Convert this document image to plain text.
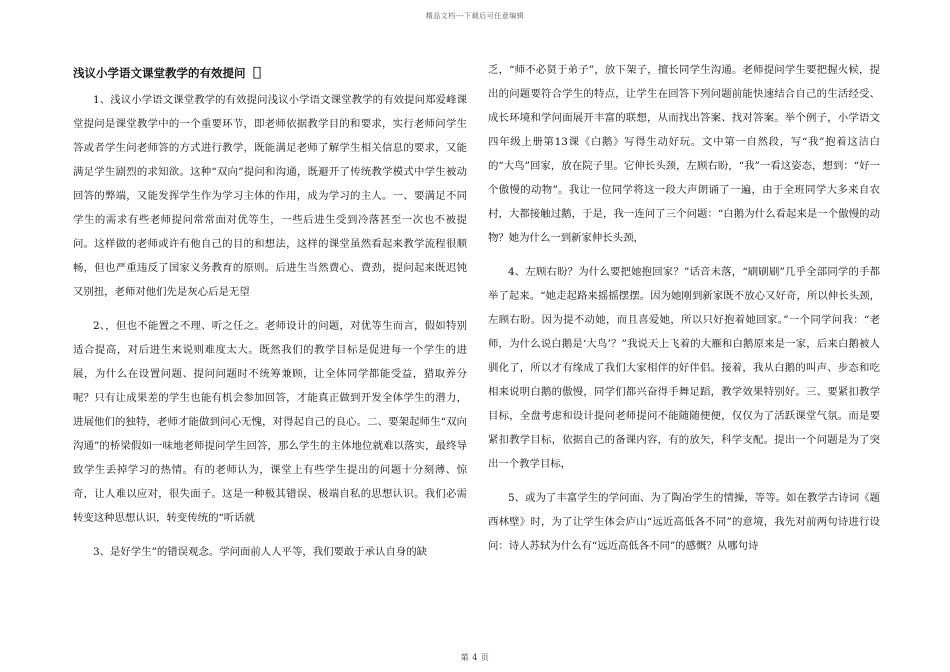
精品文档---下载后可任意编辑

浅议小学语文课堂教学的有效提问［］

1、浅议小学语文课堂教学的有效提问浅议小学语文课堂教学的有效提问郑爱峰课堂提问是课堂教学中的一个重要环节，即老师依据教学目的和要求，实行老师问学生答或者学生问老师答的方式进行教学，既能满足老师了解学生相关信息的要求，又能满足学生剧烈的求知欲。这种“双向”提问和沟通，既避开了传统教学模式中学生被动回答的弊端，又能发挥学生作为学习主体的作用，成为学习的主人。一、要满足不同学生的需求有些老师提问常常面对优等生，一些后进生受到冷落甚至一次也不被提问。这样做的老师或许有他自己的目的和想法，这样的课堂虽然看起来教学流程很顺畅，但也严重违反了国家义务教育的原则。后进生当然费心、费劲，提问起来既迟钝又别扭，老师对他们先是灰心后是无望

2、，但也不能置之不理、听之任之。老师设计的问题，对优等生而言，假如特别适合提高，对后进生来说则难度太大。既然我们的教学目标是促进每一个学生的进展，为什么在设置问题、提问问题时不统筹兼顾，让全体同学都能受益，猎取养分呢？只有让成果差的学生也能有机会参加回答，才能真正做到开发全体学生的潜力，进展他们的独特，老师才能做到问心无愧，对得起自己的良心。二、要架起师生“双向沟通”的桥梁假如一味地老师提问学生回答，那么学生的主体地位就难以落实，最终导致学生丢掉学习的热情。有的老师认为，课堂上有些学生提出的问题十分刻薄、惊奇，让人难以应对，很失面子。这是一种极其错误、极端自私的思想认识。我们必需转变这种思想认识，转变传统的“听话就

3、是好学生”的错误观念。学问面前人人平等，我们要敢于承认自身的缺

乏，“师不必贤于弟子”，放下架子，擅长同学生沟通。老师提问学生要把握火候，提出的问题要符合学生的特点，让学生在回答下列问题前能快速结合自己的生活经受、成长环境和学问面展开丰富的联想，从而找出答案、找对答案。举个例子，小学语文四年级上册第13课《白鹅》写得生动好玩。文中第一自然段，写“我”抱着这洁白的“大鸟”回家，放在院子里。它伸长头颈，左顾右盼，“我”一看这姿态，想到：“好一个傲慢的动物”。我让一位同学将这一段大声朗诵了一遍，由于全班同学大多来自农村，大都接触过鹅，于是，我一连问了三个问题：“白鹅为什么看起来是一个傲慢的动物？她为什么一到新家伸长头颈，

4、左顾右盼？为什么要把她抱回家？”话音未落，“刷刷刷”几乎全部同学的手都举了起来。“她走起路来摇摇摆摆。因为她刚到新家既不放心又好奇，所以伸长头颈，左顾右盼。因为提不动她，而且喜爱她，所以只好抱着她回家。”一个同学问我：“老师，为什么说白鹅是‘大鸟’？”我说天上飞着的大雁和白鹅原来是一家，后来白鹅被人驯化了，所以才有缘成了我们大家相伴的好伴侣。接着，我从白鹅的叫声、步态和吃相来说明白鹅的傲慢，同学们都兴奋得手舞足蹈，教学效果特别好。三、要紧扣教学目标，全盘考虑和设计提问老师提问不能随随便便，仅仅为了活跃课堂气氛。而是要紧扣教学目标，依据自己的备课内容，有的放矢，科学支配。提出一个问题是为了突出一个教学目标，

5、或为了丰富学生的学问面、为了陶冶学生的情操，等等。如在教学古诗词《题西林壁》时，为了让学生体会庐山“远近高低各不同”的意境，我先对前两句诗进行设问：诗人苏轼为什么有“远近高低各不同”的感慨？从哪句诗

第 4 页
